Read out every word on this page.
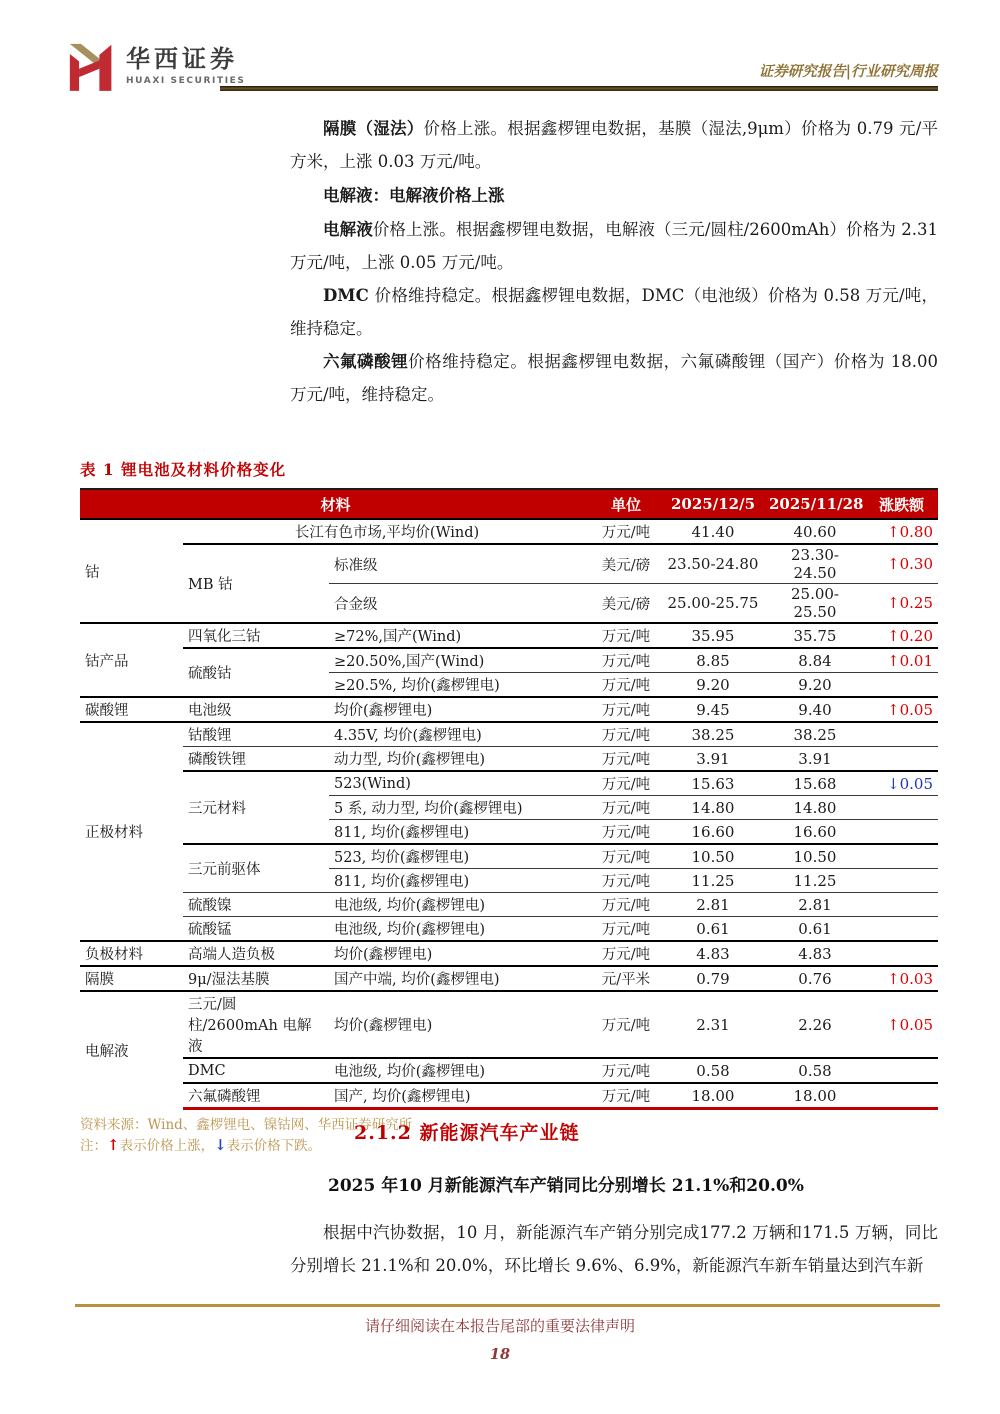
华西证券
HUAXI SECURITIES
证券研究报告|行业研究周报

隔膜（湿法）价格上涨。根据鑫椤锂电数据，基膜（湿法,9μm）价格为 0.79 元/平方米，上涨 0.03 万元/吨。

电解液：电解液价格上涨

电解液价格上涨。根据鑫椤锂电数据，电解液（三元/圆柱/2600mAh）价格为 2.31 万元/吨，上涨 0.05 万元/吨。

DMC 价格维持稳定。根据鑫椤锂电数据，DMC（电池级）价格为 0.58 万元/吨，维持稳定。

六氟磷酸锂价格维持稳定。根据鑫椤锂电数据，六氟磷酸锂（国产）价格为 18.00 万元/吨，维持稳定。

表 1 锂电池及材料价格变化
材料			单位	2025/12/5	2025/11/28	涨跌额
钴	长江有色市场,平均价(Wind)		万元/吨	41.40	40.60	↑0.80
	MB 钴	标准级	美元/磅	23.50-24.80	23.30-24.50	↑0.30
		合金级	美元/磅	25.00-25.75	25.00-25.50	↑0.25
钴产品	四氧化三钴	≥72%,国产(Wind)	万元/吨	35.95	35.75	↑0.20
	硫酸钴	≥20.50%,国产(Wind)	万元/吨	8.85	8.84	↑0.01
		≥20.5%, 均价(鑫椤锂电)	万元/吨	9.20	9.20	
碳酸锂	电池级	均价(鑫椤锂电)	万元/吨	9.45	9.40	↑0.05
正极材料	钴酸锂	4.35V, 均价(鑫椤锂电)	万元/吨	38.25	38.25	
	磷酸铁锂	动力型, 均价(鑫椤锂电)	万元/吨	3.91	3.91	
	三元材料	523(Wind)	万元/吨	15.63	15.68	↓0.05
		5 系, 动力型, 均价(鑫椤锂电)	万元/吨	14.80	14.80	
		811, 均价(鑫椤锂电)	万元/吨	16.60	16.60	
	三元前驱体	523, 均价(鑫椤锂电)	万元/吨	10.50	10.50	
		811, 均价(鑫椤锂电)	万元/吨	11.25	11.25	
	硫酸镍	电池级, 均价(鑫椤锂电)	万元/吨	2.81	2.81	
	硫酸锰	电池级, 均价(鑫椤锂电)	万元/吨	0.61	0.61	
负极材料	高端人造负极	均价(鑫椤锂电)	万元/吨	4.83	4.83	
隔膜	9μ/湿法基膜	国产中端, 均价(鑫椤锂电)	元/平米	0.79	0.76	↑0.03
电解液	三元/圆柱/2600mAh 电解液	均价(鑫椤锂电)	万元/吨	2.31	2.26	↑0.05
	DMC	电池级, 均价(鑫椤锂电)	万元/吨	0.58	0.58	
	六氟磷酸锂	国产, 均价(鑫椤锂电)	万元/吨	18.00	18.00	
资料来源：Wind、鑫椤锂电、镍钴网、华西证券研究所
注：↑表示价格上涨，↓表示价格下跌。
2.1.2 新能源汽车产业链
2025 年10 月新能源汽车产销同比分别增长 21.1%和20.0%

根据中汽协数据，10 月，新能源汽车产销分别完成177.2 万辆和171.5 万辆，同比分别增长 21.1%和 20.0%，环比增长 9.6%、6.9%，新能源汽车新车销量达到汽车新

请仔细阅读在本报告尾部的重要法律声明
18
